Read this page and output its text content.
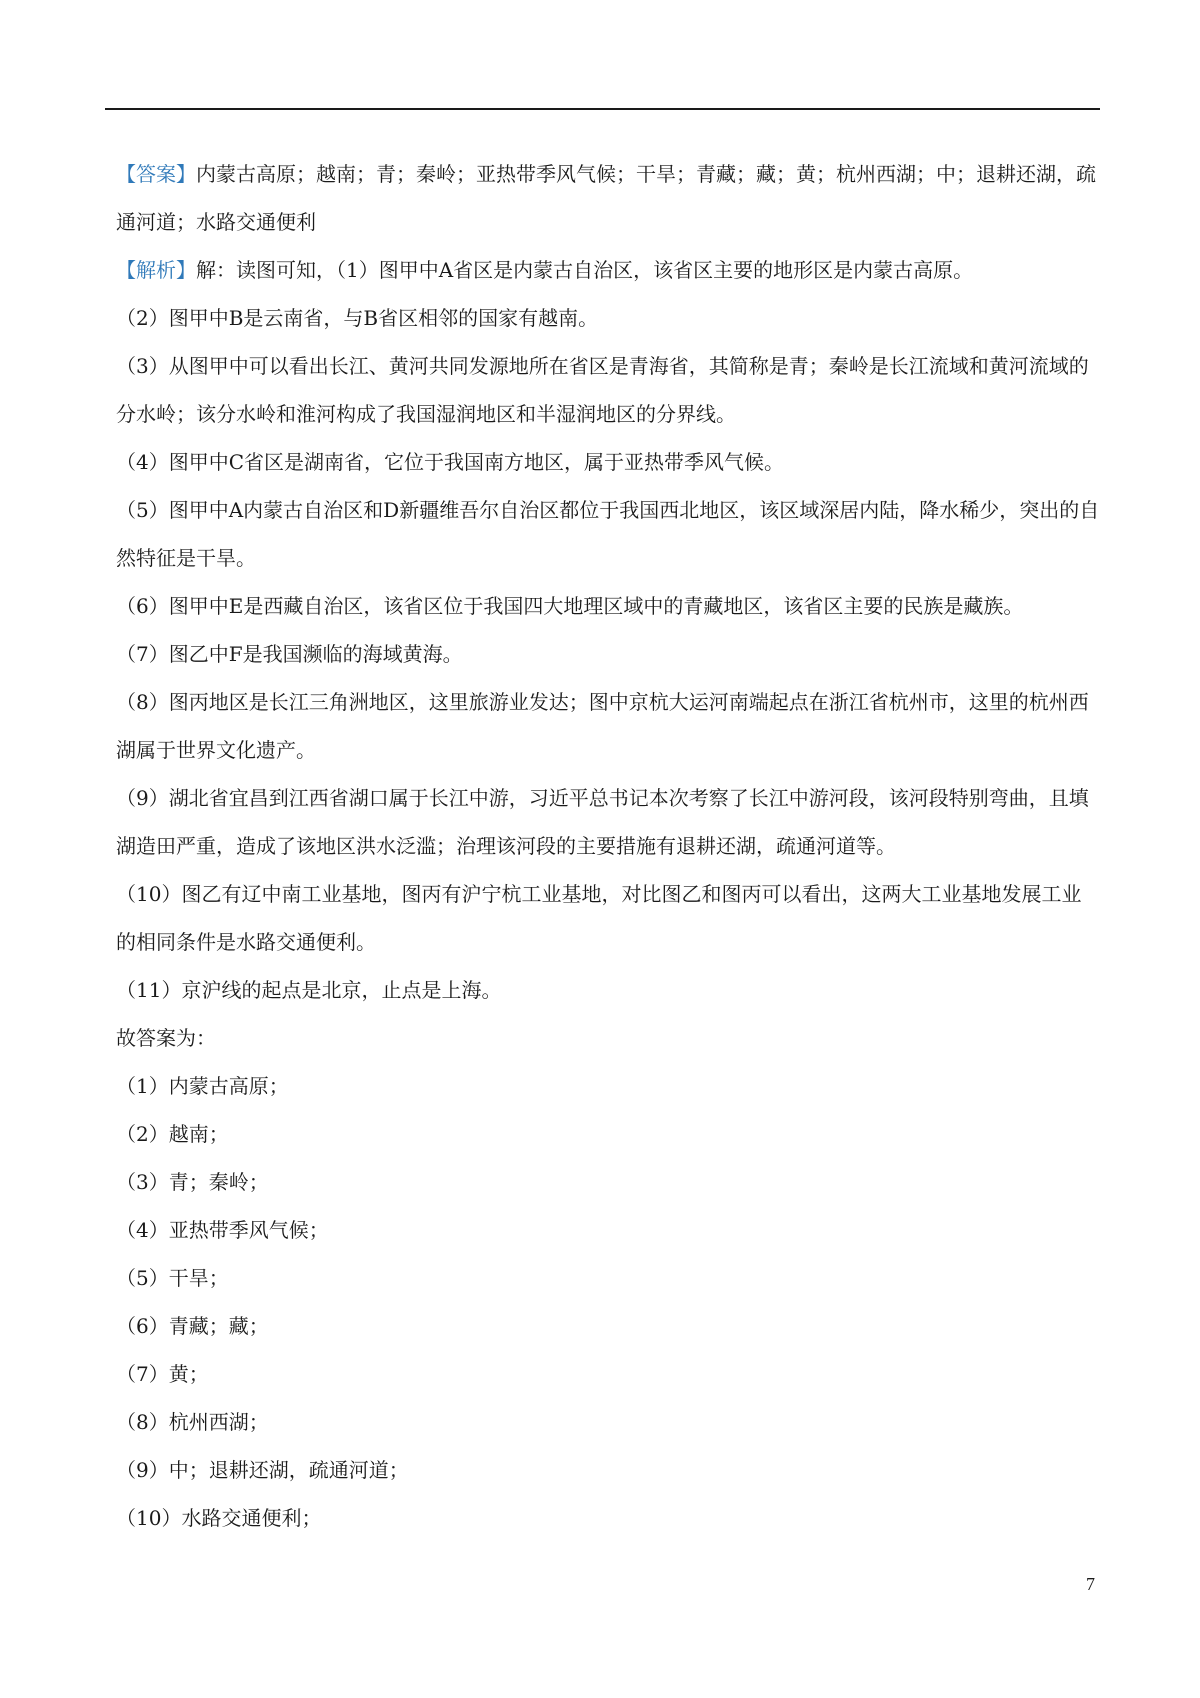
【答案】内蒙古高原；越南；青；秦岭；亚热带季风气候；干旱；青藏；藏；黄；杭州西湖；中；退耕还湖，疏通河道；水路交通便利

【解析】解：读图可知，（1）图甲中A省区是内蒙古自治区，该省区主要的地形区是内蒙古高原。

（2）图甲中B是云南省，与B省区相邻的国家有越南。

（3）从图甲中可以看出长江、黄河共同发源地所在省区是青海省，其简称是青；秦岭是长江流域和黄河流域的分水岭；该分水岭和淮河构成了我国湿润地区和半湿润地区的分界线。

（4）图甲中C省区是湖南省，它位于我国南方地区，属于亚热带季风气候。

（5）图甲中A内蒙古自治区和D新疆维吾尔自治区都位于我国西北地区，该区域深居内陆，降水稀少，突出的自然特征是干旱。

（6）图甲中E是西藏自治区，该省区位于我国四大地理区域中的青藏地区，该省区主要的民族是藏族。

（7）图乙中F是我国濒临的海域黄海。

（8）图丙地区是长江三角洲地区，这里旅游业发达；图中京杭大运河南端起点在浙江省杭州市，这里的杭州西湖属于世界文化遗产。

（9）湖北省宜昌到江西省湖口属于长江中游，习近平总书记本次考察了长江中游河段，该河段特别弯曲，且填湖造田严重，造成了该地区洪水泛滥；治理该河段的主要措施有退耕还湖，疏通河道等。

（10）图乙有辽中南工业基地，图丙有沪宁杭工业基地，对比图乙和图丙可以看出，这两大工业基地发展工业的相同条件是水路交通便利。

（11）京沪线的起点是北京，止点是上海。

故答案为：

（1）内蒙古高原；

（2）越南；

（3）青；秦岭；

（4）亚热带季风气候；

（5）干旱；

（6）青藏；藏；

（7）黄；

（8）杭州西湖；

（9）中；退耕还湖，疏通河道；

（10）水路交通便利；

7
